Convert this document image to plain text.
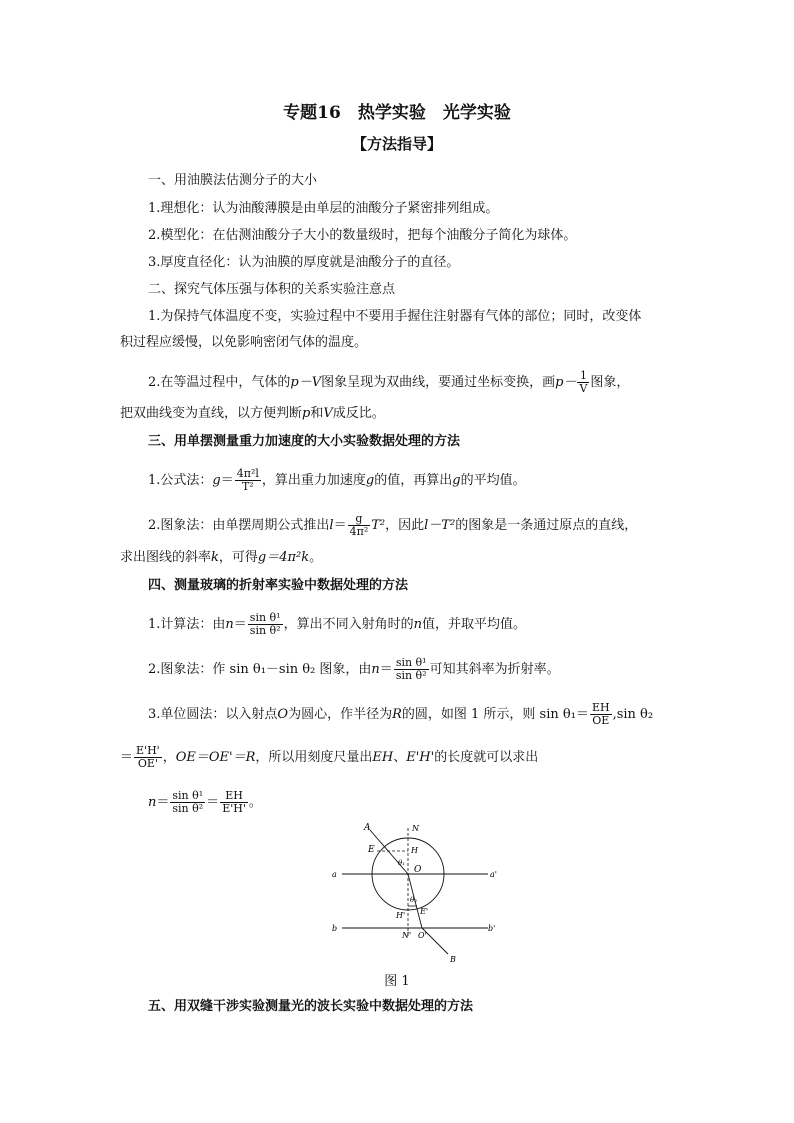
专题16　热学实验　光学实验
【方法指导】
一、用油膜法估测分子的大小
1.理想化：认为油酸薄膜是由单层的油酸分子紧密排列组成。
2.模型化：在估测油酸分子大小的数量级时，把每个油酸分子简化为球体。
3.厚度直径化：认为油膜的厚度就是油酸分子的直径。
二、探究气体压强与体积的关系实验注意点
1.为保持气体温度不变，实验过程中不要用手握住注射器有气体的部位；同时，改变体
积过程应缓慢，以免影响密闭气体的温度。
2.在等温过程中，气体的p－V图象呈现为双曲线，要通过坐标变换，画$p- \frac{1}{V}$ 图象，
把双曲线变为直线，以方便判断p和V成反比。
三、用单摆测量重力加速度的大小实验数据处理的方法
1.公式法：$g= \frac{\text{4π²l}}{\text{T²}}$ ，算出重力加速度g的值，再算出g的平均值。
2.图象法：由单摆周期公式推出$l= \frac{g}{\text{4π²}} T^2$，因此l－T²的图象是一条通过原点的直线，
求出图线的斜率k，可得g＝4π²k。
四、测量玻璃的折射率实验中数据处理的方法
1.计算法：由$n= \frac{\text{sin θ¹}}{\text{sin θ²}}$ ，算出不同入射角时的n值，并取平均值。
2.图象法：作 sin θ₁－sin θ₂ 图象，由$n= \frac{\text{sin θ¹}}{\text{sin θ²}}$ 可知其斜率为折射率。
3.单位圆法：以入射点O为圆心，作半径为R的圆，如图 1 所示，则 $\sin \theta_1= \frac{EH}{OE} ,\sin$ θ₂
＝ $\frac{E'H'}{OE'}$ ，OE＝OE'＝R，所以用刻度尺量出EH、E'H'的长度就可以求出
$n= \frac{\text{sin θ¹}}{\text{sin θ²}} = \frac{EH}{E'H'}$ 。
A	N
E	H
θ₁
O
a	a'
θ₂
H' E'
b
N' O'
b'
B
图 1
五、用双缝干涉实验测量光的波长实验中数据处理的方法
